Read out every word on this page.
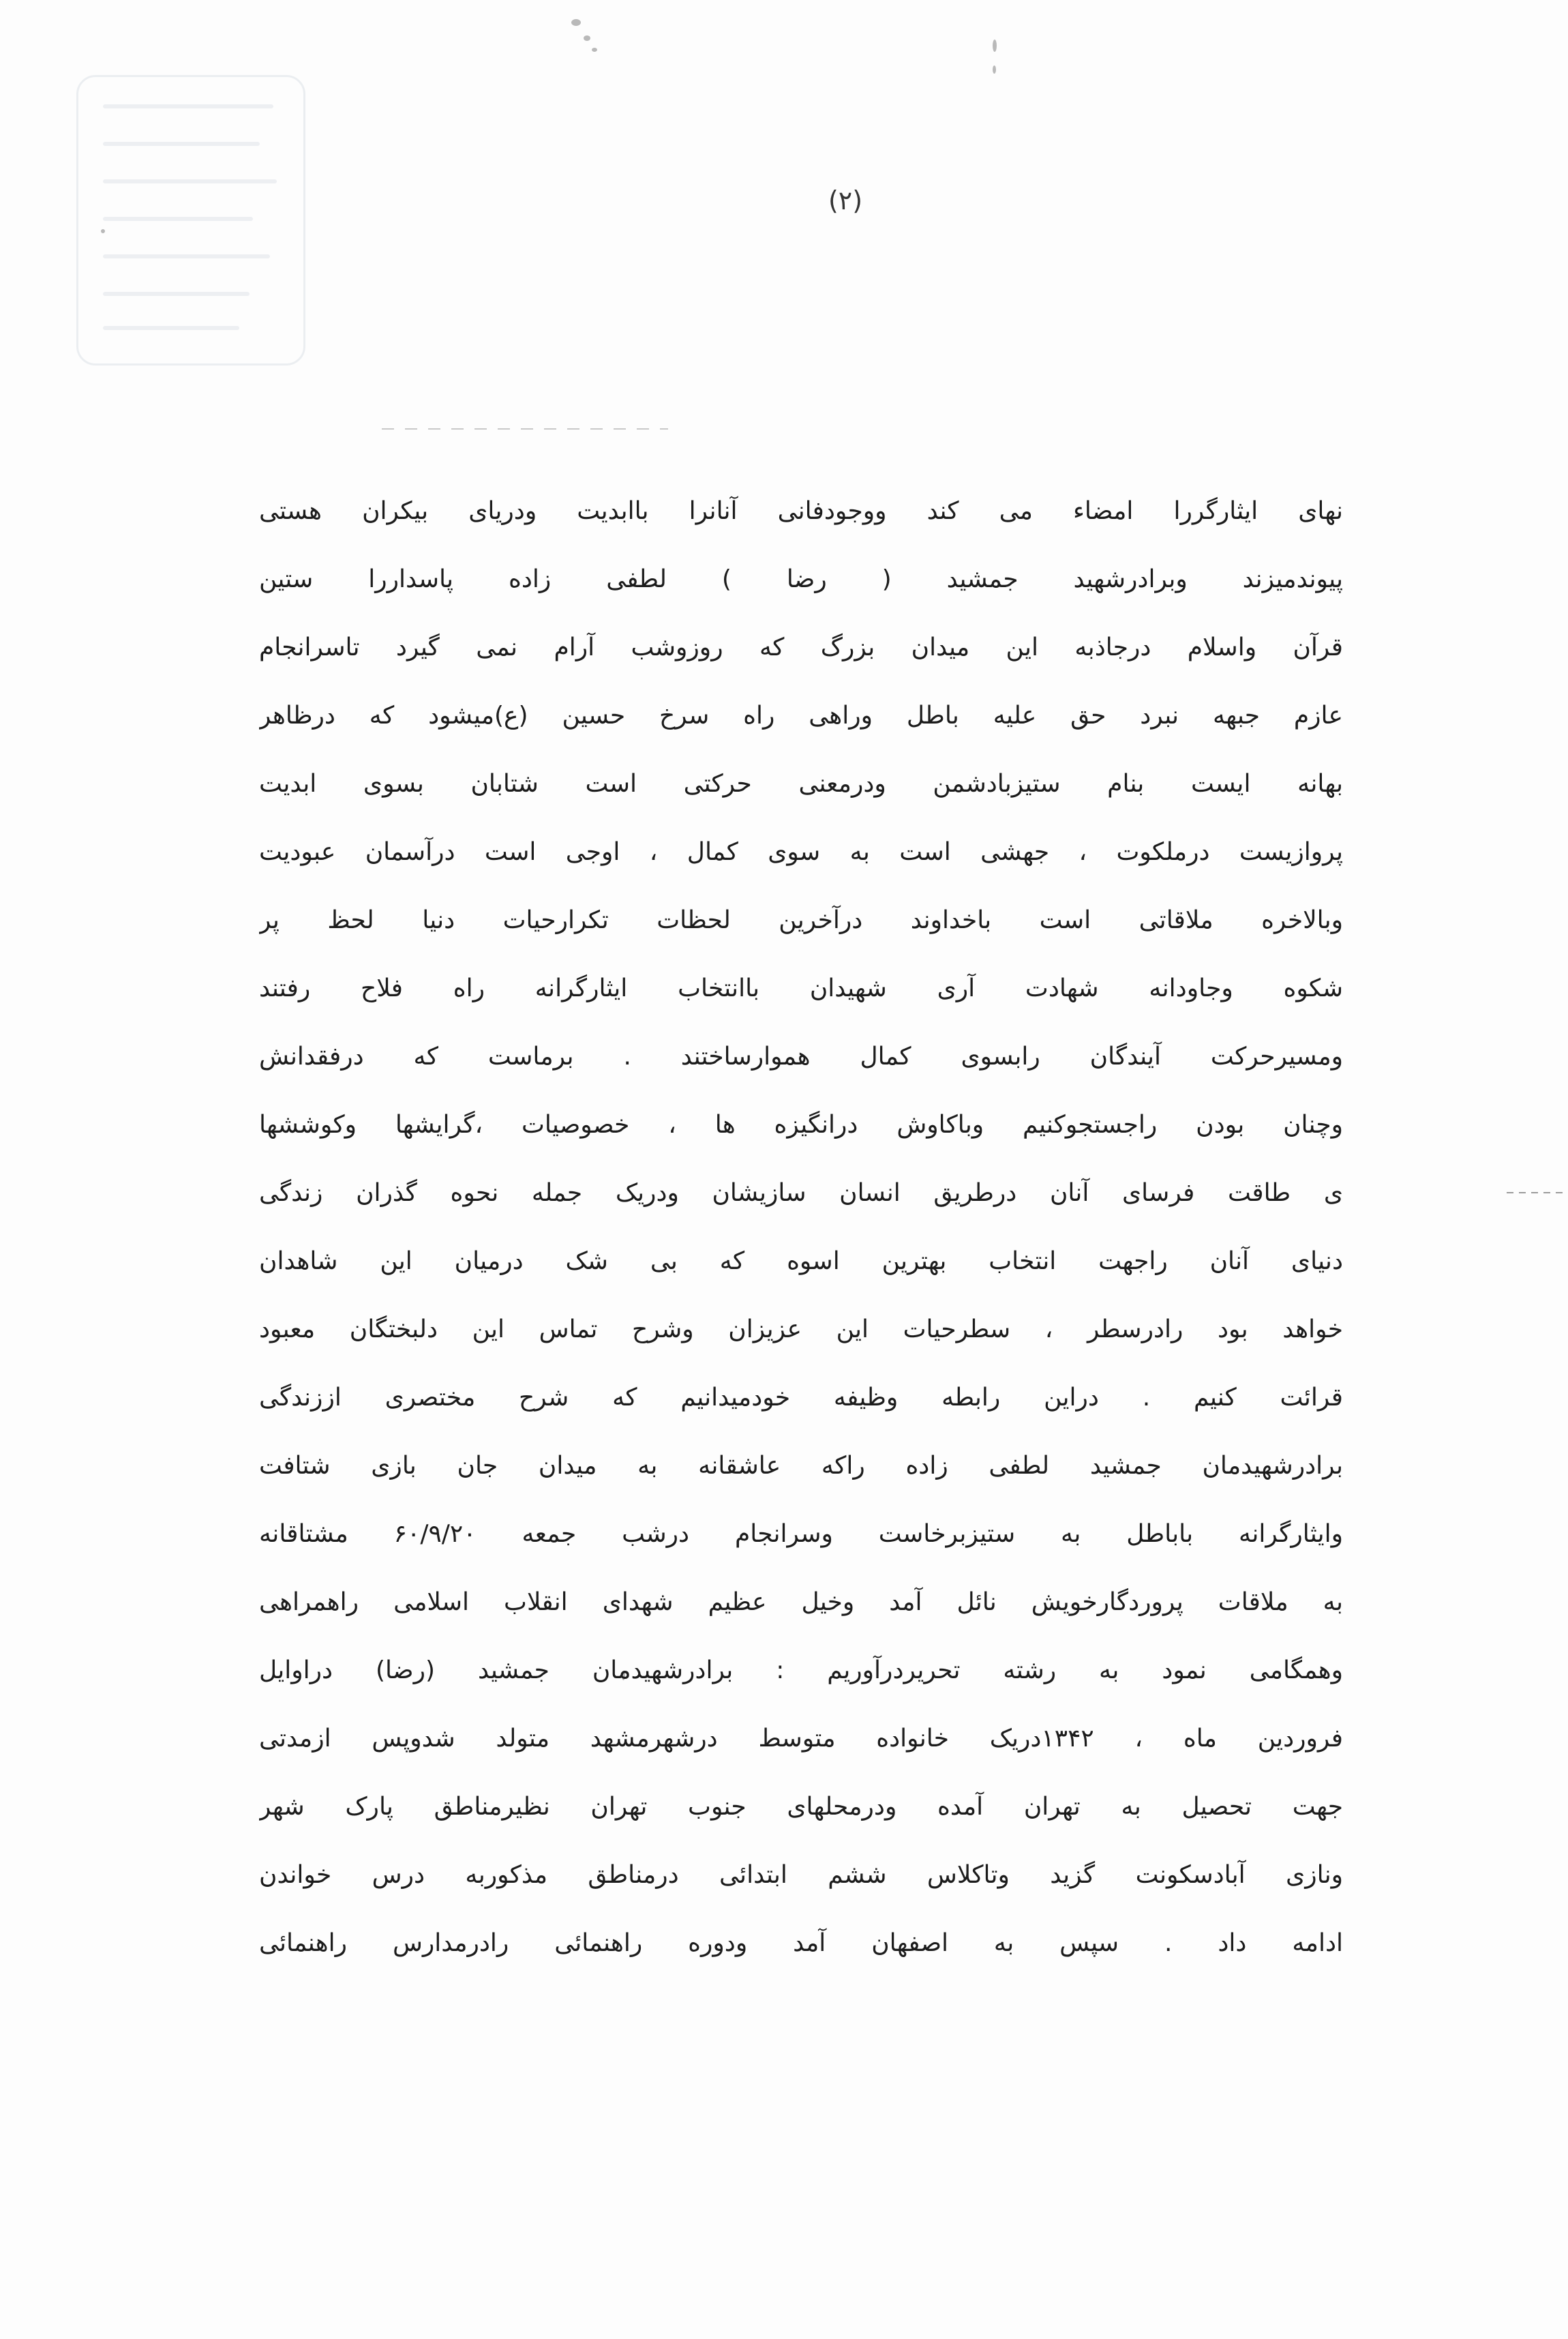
(۲)
نهای ایثارگررا امضاء می کند ووجودفانی آنانرا باابدیت ودریای بیکران هستی
پیوندمیزند وبرادرشهید جمشید ( رضا ) لطفی زاده پاسداررا ستین
قرآن واسلام درجاذبه این میدان بزرگ که روزوشب آرام نمی گیرد تاسرانجام
عازم جبهه نبرد حق علیه باطل وراهی راه سرخ حسین (ع)میشود که درظاهر
بهانه ایست بنام ستیزبادشمن ودرمعنی حرکتی است شتابان بسوی ابدیت
پروازیست درملکوت ، جهشی است به سوی کمال ، اوجی است درآسمان عبودیت
وبالاخره ملاقاتی است باخداوند درآخرین لحظات تکرارحیات دنیا لحظ پر
شکوه وجاودانه شهادت آری شهیدان باانتخاب ایثارگرانه راه فلاح رفتند
ومسیرحرکت آیندگان رابسوی کمال هموارساختند . برماست که درفقدانش
وچنان بودن راجستجوکنیم وباکاوش درانگیزه ها ، خصوصیات ،گرایشها وکوششها
ی طاقت فرسای آنان درطریق انسان سازیشان ودریک جمله نحوه گذران زندگی
دنیای آنان راجهت انتخاب بهترین اسوه که بی شک درمیان این شاهدان
خواهد بود رادرسطر ، سطرحیات این عزیزان وشرح تماس این دلبختگان معبود
قرائت کنیم . دراین رابطه وظیفه خودمیدانیم که شرح مختصری اززندگی
برادرشهیدمان جمشید لطفی زاده راکه عاشقانه به میدان جان بازی شتافت
وایثارگرانه باباطل به ستیزبرخاست وسرانجام درشب جمعه ۶۰/۹/۲۰ مشتاقانه
به ملاقات پروردگارخویش نائل آمد وخیل عظیم شهدای انقلاب اسلامی راهمراهی
وهمگامی نمود به رشته تحریردرآوریم : برادرشهیدمان جمشید (رضا) دراوایل
فروردین ماه ، ۱۳۴۲دریک خانواده متوسط درشهرمشهد متولد شدوپس ازمدتی
جهت تحصیل به تهران آمده ودرمحلهای جنوب تهران نظیرمناطق پارک شهر
ونازی آبادسکونت گزید وتاکلاس ششم ابتدائی درمناطق مذکوربه درس خواندن
ادامه داد . سپس به اصفهان آمد ودوره راهنمائی رادرمدارس راهنمائی
